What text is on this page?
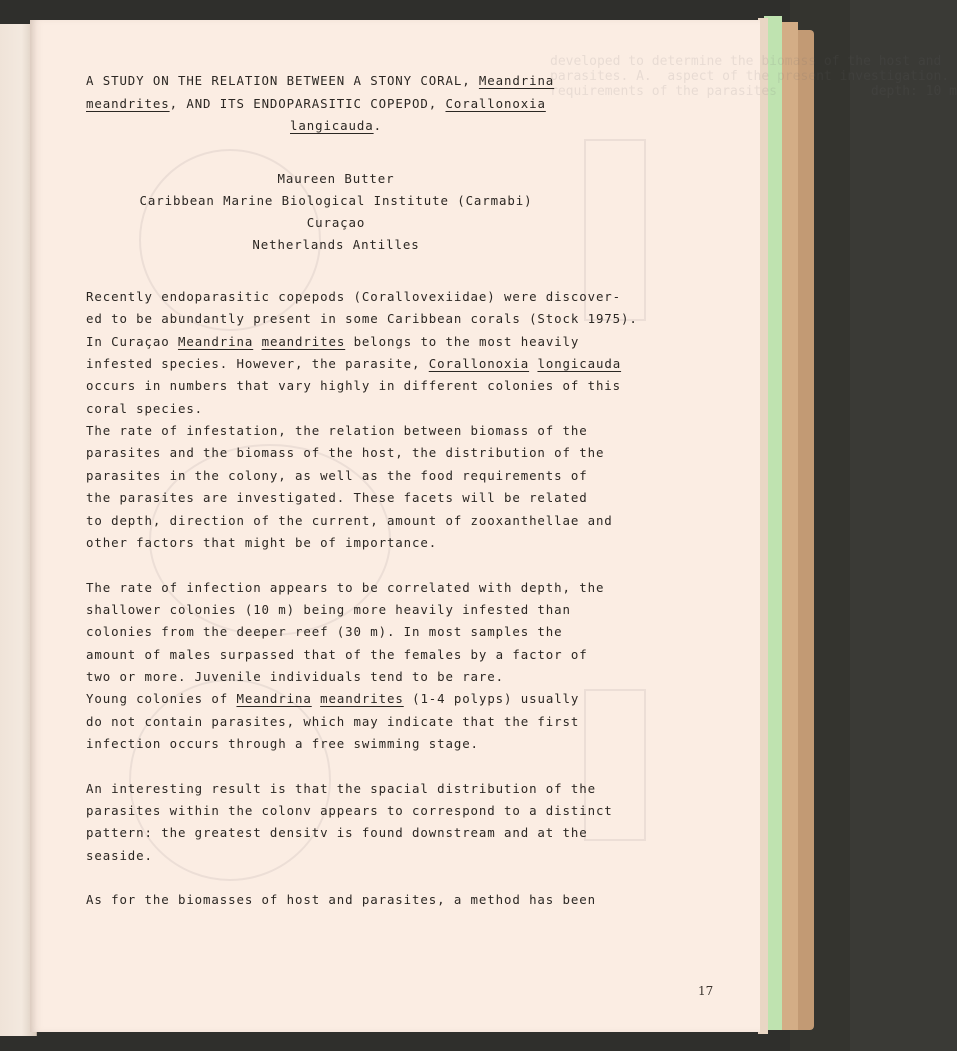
developed to determine the biomass of the host and
parasites. A.  aspect of the present investigation.
requirements of the parasites            depth: 10 m
A STUDY ON THE RELATION BETWEEN A STONY CORAL, Meandrina
meandrites, AND ITS ENDOPARASITIC COPEPOD, Corallonoxia
langicauda.
Maureen Butter
Caribbean Marine Biological Institute (Carmabi)
Curaçao
Netherlands Antilles
Recently endoparasitic copepods (Corallovexiidae) were discover-
ed to be abundantly present in some Caribbean corals (Stock 1975).
In Curaçao Meandrina meandrites belongs to the most heavily
infested species. However, the parasite, Corallonoxia longicauda
occurs in numbers that vary highly in different colonies of this
coral species.
The rate of infestation, the relation between biomass of the
parasites and the biomass of the host, the distribution of the
parasites in the colony, as well as the food requirements of
the parasites are investigated. These facets will be related
to depth, direction of the current, amount of zooxanthellae and
other factors that might be of importance.
The rate of infection appears to be correlated with depth, the
shallower colonies (10 m) being more heavily infested than
colonies from the deeper reef (30 m). In most samples the
amount of males surpassed that of the females by a factor of
two or more. Juvenile individuals tend to be rare.
Young colonies of Meandrina meandrites (1-4 polyps) usually
do not contain parasites, which may indicate that the first
infection occurs through a free swimming stage.
An interesting result is that the spacial distribution of the
parasites within the colonv appears to correspond to a distinct
pattern: the greatest densitv is found downstream and at the
seaside.
As for the biomasses of host and parasites, a method has been
17
